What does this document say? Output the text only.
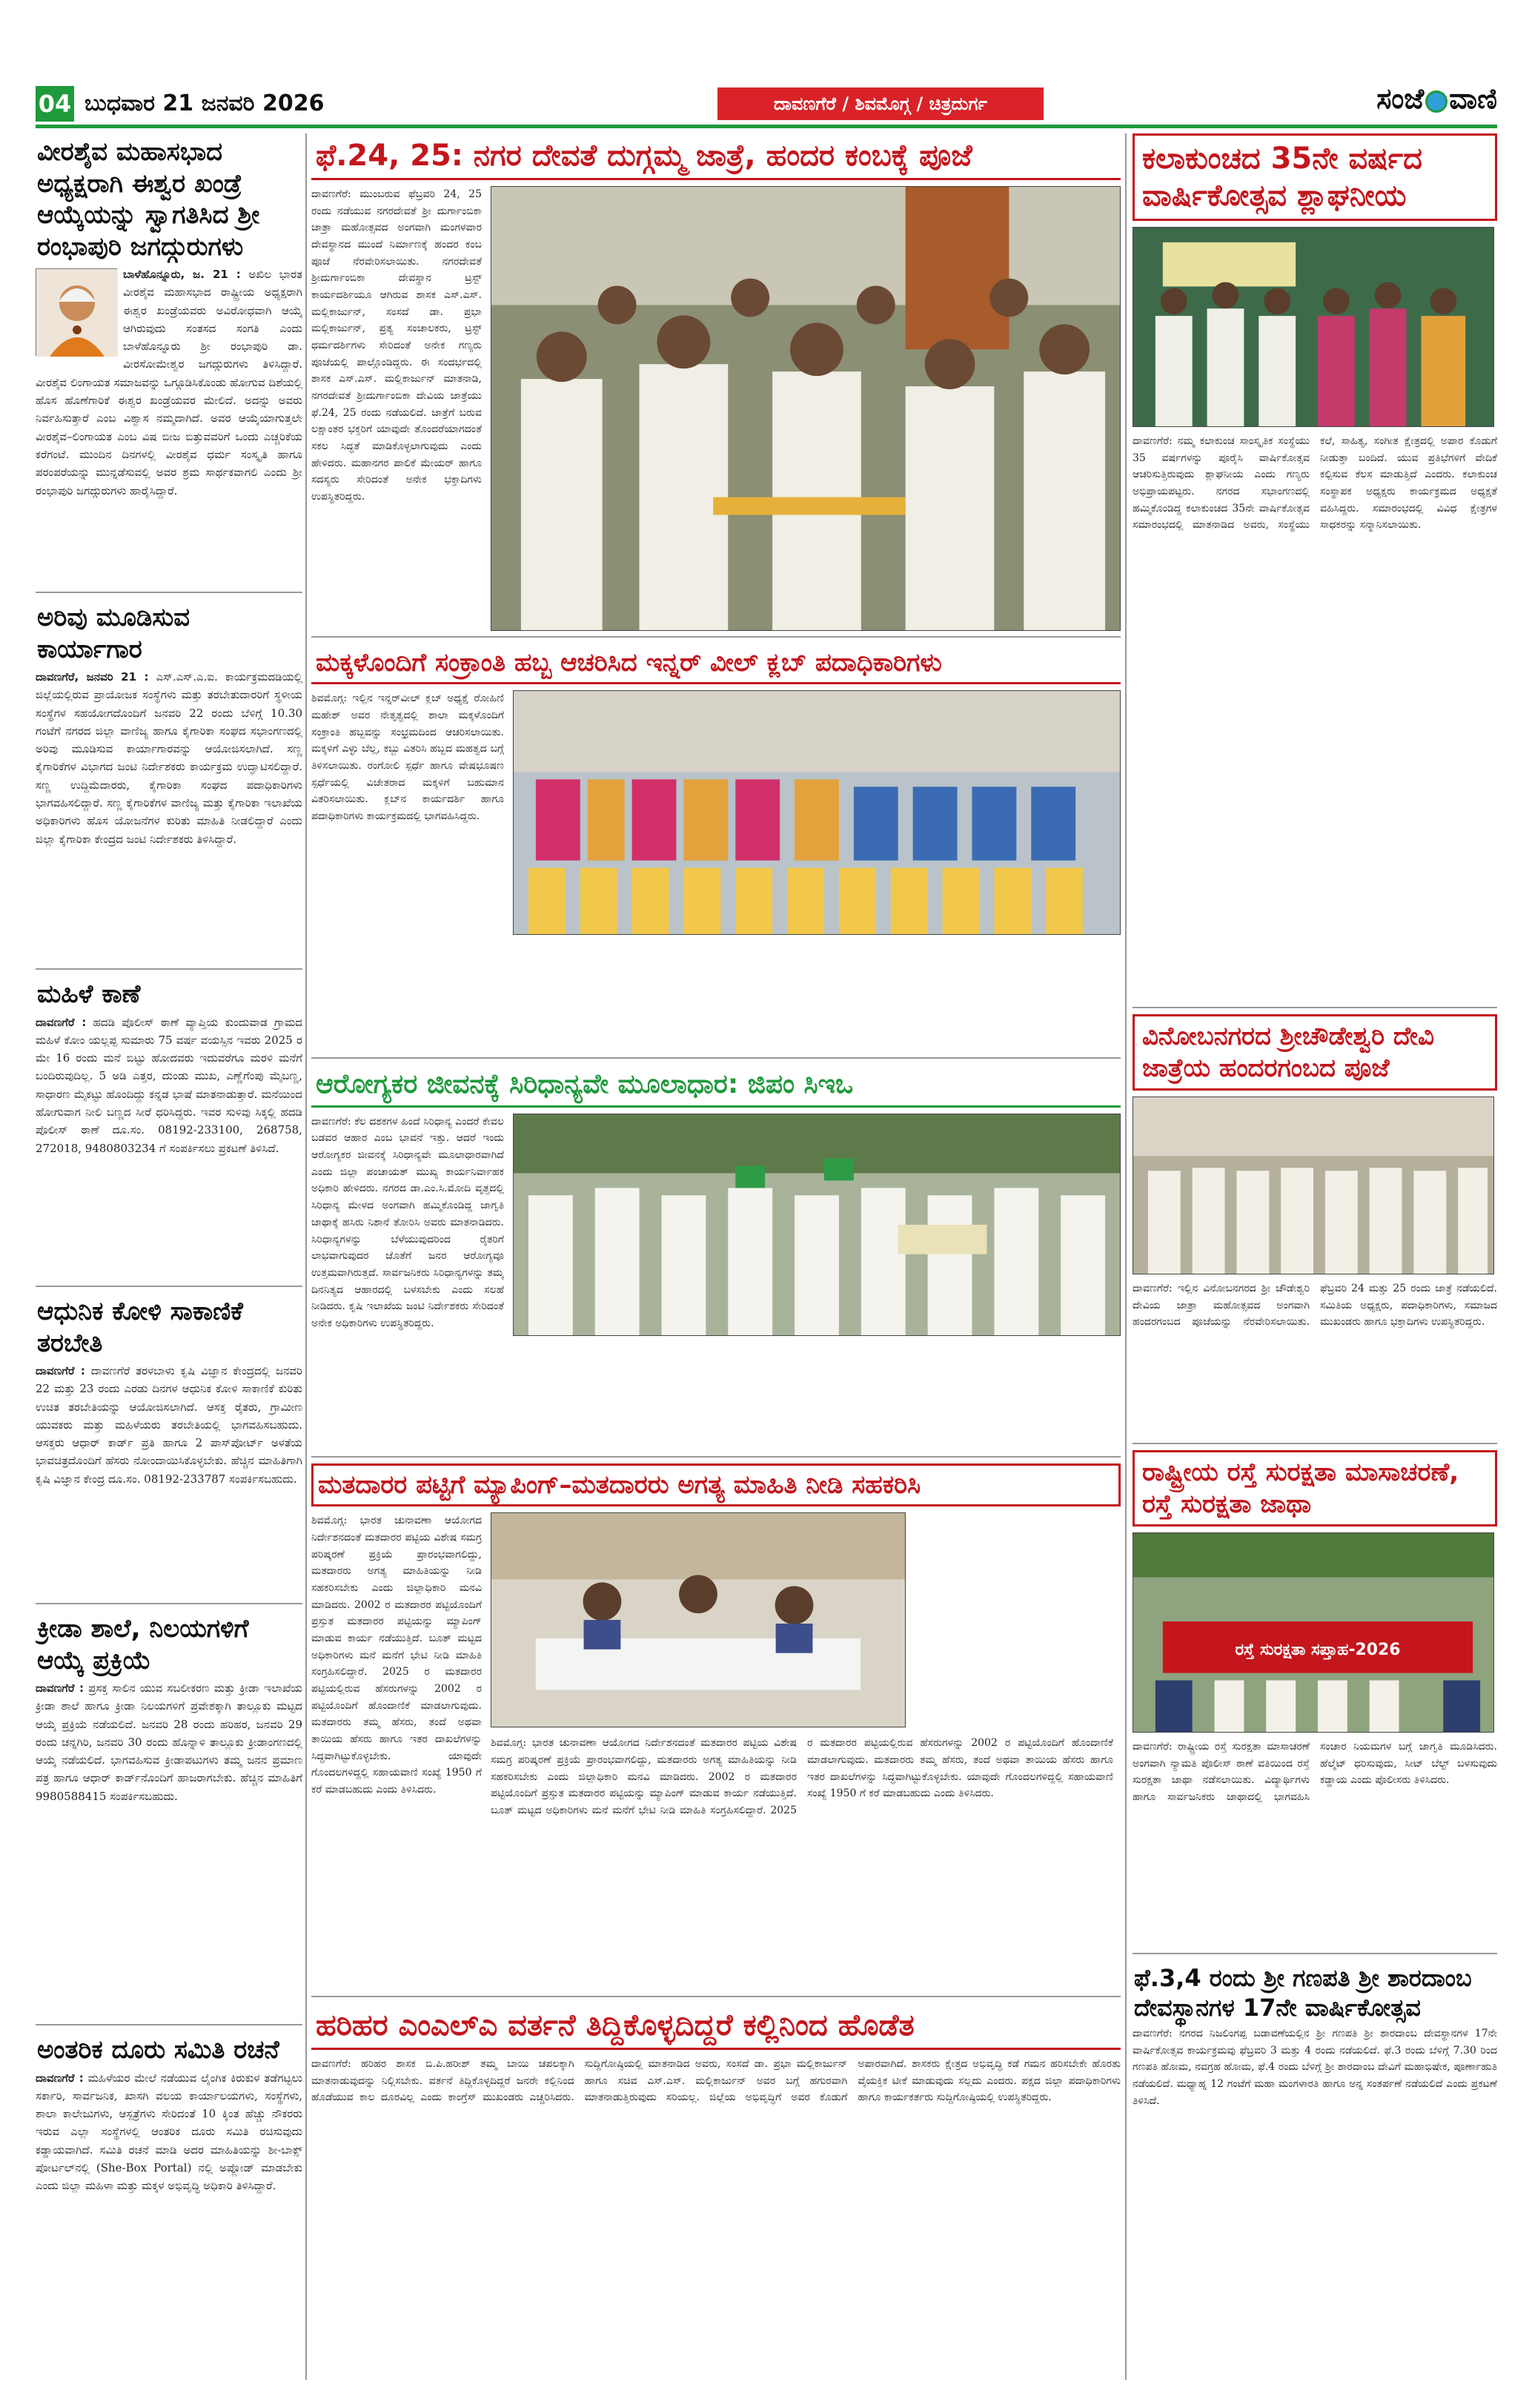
04 ಬುಧವಾರ 21 ಜನವರಿ 2026	ದಾವಣಗೆರೆ / ಶಿವಮೊಗ್ಗ / ಚಿತ್ರದುರ್ಗ	ಸಂಜೆ ವಾಣಿ
ವೀರಶೈವ ಮಹಾಸಭಾದ ಅಧ್ಯಕ್ಷರಾಗಿ ಈಶ್ವರ ಖಂಡ್ರೆ ಆಯ್ಕೆಯನ್ನು ಸ್ವಾಗತಿಸಿದ ಶ್ರೀ ರಂಭಾಪುರಿ ಜಗದ್ಗುರುಗಳು
ಬಾಳೆಹೊನ್ನೂರು, ಜ. 21 : ಅಖಿಲ ಭಾರತ ವೀರಶೈವ ಮಹಾಸಭಾದ ರಾಷ್ಟ್ರೀಯ ಅಧ್ಯಕ್ಷರಾಗಿ ಈಶ್ವರ ಖಂಡ್ರೆಯವರು ಅವಿರೋಧವಾಗಿ ಆಯ್ಕೆ ಆಗಿರುವುದು ಸಂತಸದ ಸಂಗತಿ ಎಂದು ಬಾಳೆಹೊನ್ನೂರು ಶ್ರೀ ರಂಭಾಪುರಿ ಡಾ. ವೀರಸೋಮೇಶ್ವರ ಜಗದ್ಗುರುಗಳು ತಿಳಿಸಿದ್ದಾರೆ. ವೀರಶೈವ ಲಿಂಗಾಯತ ಸಮಾಜವನ್ನು ಒಗ್ಗೂಡಿಸಿಕೊಂಡು ಹೋಗುವ ದಿಶೆಯಲ್ಲಿ ಹೊಸ ಹೊಣೆಗಾರಿಕೆ ಈಶ್ವರ ಖಂಡ್ರೆಯವರ ಮೇಲಿದೆ. ಅದನ್ನು ಅವರು ನಿರ್ವಹಿಸುತ್ತಾರೆ ಎಂಬ ವಿಶ್ವಾಸ ನಮ್ಮದಾಗಿದೆ. ಅವರ ಆಯ್ಕೆಯಾಗುತ್ತಲೇ ವೀರಶೈವ–ಲಿಂಗಾಯತ ಎಂಬ ವಿಷ ಬೀಜ ಬಿತ್ತುವವರಿಗೆ ಒಂದು ಎಚ್ಚರಿಕೆಯ ಕರೆಗಂಟೆ. ಮುಂದಿನ ದಿನಗಳಲ್ಲಿ ವೀರಶೈವ ಧರ್ಮ ಸಂಸ್ಕೃತಿ ಹಾಗೂ ಪರಂಪರೆಯನ್ನು ಮುನ್ನಡೆಸುವಲ್ಲಿ ಅವರ ಶ್ರಮ ಸಾರ್ಥಕವಾಗಲಿ ಎಂದು ಶ್ರೀ ರಂಭಾಪುರಿ ಜಗದ್ಗುರುಗಳು ಹಾರೈಸಿದ್ದಾರೆ.
ಅರಿವು ಮೂಡಿಸುವ ಕಾರ್ಯಾಗಾರ
ದಾವಣಗೆರೆ, ಜನವರಿ 21 : ಎಸ್.ಎಸ್.ಎ.ಐ. ಕಾರ್ಯಕ್ರಮದಡಿಯಲ್ಲಿ ಜಿಲ್ಲೆಯಲ್ಲಿರುವ ಪ್ರಾಯೋಜಕ ಸಂಸ್ಥೆಗಳು ಮತ್ತು ತರಬೇತುದಾರರಿಗೆ ಸ್ಥಳೀಯ ಸಂಸ್ಥೆಗಳ ಸಹಯೋಗದೊಂದಿಗೆ ಜನವರಿ 22 ರಂದು ಬೆಳಿಗ್ಗೆ 10.30 ಗಂಟೆಗೆ ನಗರದ ಜಿಲ್ಲಾ ವಾಣಿಜ್ಯ ಹಾಗೂ ಕೈಗಾರಿಕಾ ಸಂಘದ ಸಭಾಂಗಣದಲ್ಲಿ ಅರಿವು ಮೂಡಿಸುವ ಕಾರ್ಯಾಗಾರವನ್ನು ಆಯೋಜಿಸಲಾಗಿದೆ. ಸಣ್ಣ ಕೈಗಾರಿಕೆಗಳ ವಿಭಾಗದ ಜಂಟಿ ನಿರ್ದೇಶಕರು ಕಾರ್ಯಕ್ರಮ ಉದ್ಘಾಟಿಸಲಿದ್ದಾರೆ. ಸಣ್ಣ ಉದ್ದಿಮೆದಾರರು, ಕೈಗಾರಿಕಾ ಸಂಘದ ಪದಾಧಿಕಾರಿಗಳು ಭಾಗವಹಿಸಲಿದ್ದಾರೆ. ಸಣ್ಣ ಕೈಗಾರಿಕೆಗಳ ವಾಣಿಜ್ಯ ಮತ್ತು ಕೈಗಾರಿಕಾ ಇಲಾಖೆಯ ಅಧಿಕಾರಿಗಳು ಹೊಸ ಯೋಜನೆಗಳ ಕುರಿತು ಮಾಹಿತಿ ನೀಡಲಿದ್ದಾರೆ ಎಂದು ಜಿಲ್ಲಾ ಕೈಗಾರಿಕಾ ಕೇಂದ್ರದ ಜಂಟಿ ನಿರ್ದೇಶಕರು ತಿಳಿಸಿದ್ದಾರೆ.
ಮಹಿಳೆ ಕಾಣೆ
ದಾವಣಗೆರೆ : ಹದಡಿ ಪೊಲೀಸ್ ಠಾಣೆ ವ್ಯಾಪ್ತಿಯ ಕುಂದುವಾಡ ಗ್ರಾಮದ ಮಹಿಳೆ ಕೋಂ ಯಲ್ಲಪ್ಪ ಸುಮಾರು 75 ವರ್ಷ ವಯಸ್ಸಿನ ಇವರು 2025 ರ ಮೇ 16 ರಂದು ಮನೆ ಬಿಟ್ಟು ಹೋದವರು ಇದುವರೆಗೂ ಮರಳಿ ಮನೆಗೆ ಬಂದಿರುವುದಿಲ್ಲ. 5 ಅಡಿ ಎತ್ತರ, ದುಂಡು ಮುಖ, ಎಣ್ಣೆಗೆಂಪು ಮೈಬಣ್ಣ, ಸಾಧಾರಣ ಮೈಕಟ್ಟು ಹೊಂದಿದ್ದು ಕನ್ನಡ ಭಾಷೆ ಮಾತನಾಡುತ್ತಾರೆ. ಮನೆಯಿಂದ ಹೋಗುವಾಗ ನೀಲಿ ಬಣ್ಣದ ಸೀರೆ ಧರಿಸಿದ್ದರು. ಇವರ ಸುಳಿವು ಸಿಕ್ಕಲ್ಲಿ ಹದಡಿ ಪೊಲೀಸ್ ಠಾಣೆ ದೂ.ಸಂ. 08192-233100, 268758, 272018, 9480803234 ಗೆ ಸಂಪರ್ಕಿಸಲು ಪ್ರಕಟಣೆ ತಿಳಿಸಿದೆ.
ಆಧುನಿಕ ಕೋಳಿ ಸಾಕಾಣಿಕೆ ತರಬೇತಿ
ದಾವಣಗೆರೆ : ದಾವಣಗೆರೆ ತರಳಬಾಳು ಕೃಷಿ ವಿಜ್ಞಾನ ಕೇಂದ್ರದಲ್ಲಿ ಜನವರಿ 22 ಮತ್ತು 23 ರಂದು ಎರಡು ದಿನಗಳ ಆಧುನಿಕ ಕೋಳಿ ಸಾಕಾಣಿಕೆ ಕುರಿತು ಉಚಿತ ತರಬೇತಿಯನ್ನು ಆಯೋಜಿಸಲಾಗಿದೆ. ಆಸಕ್ತ ರೈತರು, ಗ್ರಾಮೀಣ ಯುವಕರು ಮತ್ತು ಮಹಿಳೆಯರು ತರಬೇತಿಯಲ್ಲಿ ಭಾಗವಹಿಸಬಹುದು. ಆಸಕ್ತರು ಆಧಾರ್ ಕಾರ್ಡ್ ಪ್ರತಿ ಹಾಗೂ 2 ಪಾಸ್‌ಪೋರ್ಟ್ ಅಳತೆಯ ಭಾವಚಿತ್ರದೊಂದಿಗೆ ಹೆಸರು ನೋಂದಾಯಿಸಿಕೊಳ್ಳಬೇಕು. ಹೆಚ್ಚಿನ ಮಾಹಿತಿಗಾಗಿ ಕೃಷಿ ವಿಜ್ಞಾನ ಕೇಂದ್ರ ದೂ.ಸಂ. 08192-233787 ಸಂಪರ್ಕಿಸಬಹುದು.
ಕ್ರೀಡಾ ಶಾಲೆ, ನಿಲಯಗಳಿಗೆ ಆಯ್ಕೆ ಪ್ರಕ್ರಿಯೆ
ದಾವಣಗೆರೆ : ಪ್ರಸಕ್ತ ಸಾಲಿನ ಯುವ ಸಬಲೀಕರಣ ಮತ್ತು ಕ್ರೀಡಾ ಇಲಾಖೆಯ ಕ್ರೀಡಾ ಶಾಲೆ ಹಾಗೂ ಕ್ರೀಡಾ ನಿಲಯಗಳಿಗೆ ಪ್ರವೇಶಕ್ಕಾಗಿ ತಾಲ್ಲೂಕು ಮಟ್ಟದ ಆಯ್ಕೆ ಪ್ರಕ್ರಿಯೆ ನಡೆಯಲಿದೆ. ಜನವರಿ 28 ರಂದು ಹರಿಹರ, ಜನವರಿ 29 ರಂದು ಚನ್ನಗಿರಿ, ಜನವರಿ 30 ರಂದು ಹೊನ್ನಾಳಿ ತಾಲ್ಲೂಕು ಕ್ರೀಡಾಂಗಣದಲ್ಲಿ ಆಯ್ಕೆ ನಡೆಯಲಿದೆ. ಭಾಗವಹಿಸುವ ಕ್ರೀಡಾಪಟುಗಳು ತಮ್ಮ ಜನನ ಪ್ರಮಾಣ ಪತ್ರ ಹಾಗೂ ಆಧಾರ್ ಕಾರ್ಡ್‌ನೊಂದಿಗೆ ಹಾಜರಾಗಬೇಕು. ಹೆಚ್ಚಿನ ಮಾಹಿತಿಗೆ 9980588415 ಸಂಪರ್ಕಿಸಬಹುದು.
ಅಂತರಿಕ ದೂರು ಸಮಿತಿ ರಚನೆ
ದಾವಣಗೆರೆ : ಮಹಿಳೆಯರ ಮೇಲೆ ನಡೆಯುವ ಲೈಂಗಿಕ ಕಿರುಕುಳ ತಡೆಗಟ್ಟಲು ಸರ್ಕಾರಿ, ಸಾರ್ವಜನಿಕ, ಖಾಸಗಿ ವಲಯ ಕಾರ್ಯಾಲಯಗಳು, ಸಂಸ್ಥೆಗಳು, ಶಾಲಾ ಕಾಲೇಜುಗಳು, ಆಸ್ಪತ್ರೆಗಳು ಸೇರಿದಂತೆ 10 ಕ್ಕಿಂತ ಹೆಚ್ಚು ನೌಕರರು ಇರುವ ಎಲ್ಲಾ ಸಂಸ್ಥೆಗಳಲ್ಲಿ ಆಂತರಿಕ ದೂರು ಸಮಿತಿ ರಚಿಸುವುದು ಕಡ್ಡಾಯವಾಗಿದೆ. ಸಮಿತಿ ರಚನೆ ಮಾಡಿ ಅದರ ಮಾಹಿತಿಯನ್ನು ಶೀ-ಬಾಕ್ಸ್ ಪೋರ್ಟಲ್‌ನಲ್ಲಿ (She-Box Portal) ನಲ್ಲಿ ಅಪ್ಲೋಡ್ ಮಾಡಬೇಕು ಎಂದು ಜಿಲ್ಲಾ ಮಹಿಳಾ ಮತ್ತು ಮಕ್ಕಳ ಅಭಿವೃದ್ಧಿ ಅಧಿಕಾರಿ ತಿಳಿಸಿದ್ದಾರೆ.
ಫೆ.24, 25: ನಗರ ದೇವತೆ ದುಗ್ಗಮ್ಮ ಜಾತ್ರೆ, ಹಂದರ ಕಂಬಕ್ಕೆ ಪೂಜೆ
ದಾವಣಗೆರೆ: ಮುಂಬರುವ ಫೆಬ್ರವರಿ 24, 25 ರಂದು ನಡೆಯುವ ನಗರದೇವತೆ ಶ್ರೀ ದುರ್ಗಾಂಬಿಕಾ ಜಾತ್ರಾ ಮಹೋತ್ಸವದ ಅಂಗವಾಗಿ ಮಂಗಳವಾರ ದೇವಸ್ಥಾನದ ಮುಂದೆ ನಿರ್ಮಾಣಕ್ಕೆ ಹಂದರ ಕಂಬ ಪೂಜೆ ನೆರವೇರಿಸಲಾಯಿತು. ನಗರದೇವತೆ ಶ್ರೀದುರ್ಗಾಂಬಿಕಾ ದೇವಸ್ಥಾನ ಟ್ರಸ್ಟ್ ಕಾರ್ಯದರ್ಶಿಯೂ ಆಗಿರುವ ಶಾಸಕ ಎಸ್.ಎಸ್. ಮಲ್ಲಿಕಾರ್ಜುನ್, ಸಂಸದೆ ಡಾ. ಪ್ರಭಾ ಮಲ್ಲಿಕಾರ್ಜುನ್, ಪ್ರತ್ಯ ಸಂಚಾಲಕರು, ಟ್ರಸ್ಟ್ ಧರ್ಮದರ್ಶಿಗಳು ಸೇರಿದಂತೆ ಅನೇಕ ಗಣ್ಯರು ಪೂಜೆಯಲ್ಲಿ ಪಾಲ್ಗೊಂಡಿದ್ದರು. ಈ ಸಂದರ್ಭದಲ್ಲಿ ಶಾಸಕ ಎಸ್.ಎಸ್. ಮಲ್ಲಿಕಾರ್ಜುನ್ ಮಾತನಾಡಿ, ನಗರದೇವತೆ ಶ್ರೀದುರ್ಗಾಂಬಿಕಾ ದೇವಿಯ ಜಾತ್ರೆಯು ಫೆ.24, 25 ರಂದು ನಡೆಯಲಿದೆ. ಜಾತ್ರೆಗೆ ಬರುವ ಲಕ್ಷಾಂತರ ಭಕ್ತರಿಗೆ ಯಾವುದೇ ತೊಂದರೆಯಾಗದಂತೆ ಸಕಲ ಸಿದ್ಧತೆ ಮಾಡಿಕೊಳ್ಳಲಾಗುವುದು ಎಂದು ಹೇಳಿದರು. ಮಹಾನಗರ ಪಾಲಿಕೆ ಮೇಯರ್ ಹಾಗೂ ಸದಸ್ಯರು ಸೇರಿದಂತೆ ಅನೇಕ ಭಕ್ತಾದಿಗಳು ಉಪಸ್ಥಿತರಿದ್ದರು.
ಮಕ್ಕಳೊಂದಿಗೆ ಸಂಕ್ರಾಂತಿ ಹಬ್ಬ ಆಚರಿಸಿದ ಇನ್ನರ್ ವೀಲ್ ಕ್ಲಬ್ ಪದಾಧಿಕಾರಿಗಳು
ಶಿವಮೊಗ್ಗ: ಇಲ್ಲಿನ ಇನ್ನರ್‌ವೀಲ್ ಕ್ಲಬ್ ಅಧ್ಯಕ್ಷೆ ರೋಹಿಣಿ ಮಹೇಶ್ ಅವರ ನೇತೃತ್ವದಲ್ಲಿ ಶಾಲಾ ಮಕ್ಕಳೊಂದಿಗೆ ಸಂಕ್ರಾಂತಿ ಹಬ್ಬವನ್ನು ಸಂಭ್ರಮದಿಂದ ಆಚರಿಸಲಾಯಿತು. ಮಕ್ಕಳಿಗೆ ಎಳ್ಳು ಬೆಲ್ಲ, ಕಬ್ಬು ವಿತರಿಸಿ ಹಬ್ಬದ ಮಹತ್ವದ ಬಗ್ಗೆ ತಿಳಿಸಲಾಯಿತು. ರಂಗೋಲಿ ಸ್ಪರ್ಧೆ ಹಾಗೂ ವೇಷಭೂಷಣ ಸ್ಪರ್ಧೆಯಲ್ಲಿ ವಿಜೇತರಾದ ಮಕ್ಕಳಿಗೆ ಬಹುಮಾನ ವಿತರಿಸಲಾಯಿತು. ಕ್ಲಬ್‌ನ ಕಾರ್ಯದರ್ಶಿ ಹಾಗೂ ಪದಾಧಿಕಾರಿಗಳು ಕಾರ್ಯಕ್ರಮದಲ್ಲಿ ಭಾಗವಹಿಸಿದ್ದರು.
ಆರೋಗ್ಯಕರ ಜೀವನಕ್ಕೆ ಸಿರಿಧಾನ್ಯವೇ ಮೂಲಾಧಾರ: ಜಿಪಂ ಸಿಇಒ
ದಾವಣಗೆರೆ: ಕೆಲ ದಶಕಗಳ ಹಿಂದೆ ಸಿರಿಧಾನ್ಯ ಎಂದರೆ ಕೇವಲ ಬಡವರ ಆಹಾರ ಎಂಬ ಭಾವನೆ ಇತ್ತು. ಆದರೆ ಇಂದು ಆರೋಗ್ಯಕರ ಜೀವನಕ್ಕೆ ಸಿರಿಧಾನ್ಯವೇ ಮೂಲಾಧಾರವಾಗಿದೆ ಎಂದು ಜಿಲ್ಲಾ ಪಂಚಾಯತ್ ಮುಖ್ಯ ಕಾರ್ಯನಿರ್ವಾಹಕ ಅಧಿಕಾರಿ ಹೇಳಿದರು. ನಗರದ ಡಾ.ಎಂ.ಸಿ.ಮೋದಿ ವೃತ್ತದಲ್ಲಿ ಸಿರಿಧಾನ್ಯ ಮೇಳದ ಅಂಗವಾಗಿ ಹಮ್ಮಿಕೊಂಡಿದ್ದ ಜಾಗೃತಿ ಜಾಥಾಕ್ಕೆ ಹಸಿರು ನಿಶಾನೆ ತೋರಿಸಿ ಅವರು ಮಾತನಾಡಿದರು. ಸಿರಿಧಾನ್ಯಗಳನ್ನು ಬೆಳೆಯುವುದರಿಂದ ರೈತರಿಗೆ ಲಾಭವಾಗುವುದರ ಜೊತೆಗೆ ಜನರ ಆರೋಗ್ಯವೂ ಉತ್ತಮವಾಗಿರುತ್ತದೆ. ಸಾರ್ವಜನಿಕರು ಸಿರಿಧಾನ್ಯಗಳನ್ನು ತಮ್ಮ ದಿನನಿತ್ಯದ ಆಹಾರದಲ್ಲಿ ಬಳಸಬೇಕು ಎಂದು ಸಲಹೆ ನೀಡಿದರು. ಕೃಷಿ ಇಲಾಖೆಯ ಜಂಟಿ ನಿರ್ದೇಶಕರು ಸೇರಿದಂತೆ ಅನೇಕ ಅಧಿಕಾರಿಗಳು ಉಪಸ್ಥಿತರಿದ್ದರು.
ಮತದಾರರ ಪಟ್ಟಿಗೆ ಮ್ಯಾಪಿಂಗ್–ಮತದಾರರು ಅಗತ್ಯ ಮಾಹಿತಿ ನೀಡಿ ಸಹಕರಿಸಿ
ಶಿವಮೊಗ್ಗ: ಭಾರತ ಚುನಾವಣಾ ಆಯೋಗದ ನಿರ್ದೇಶನದಂತೆ ಮತದಾರರ ಪಟ್ಟಿಯ ವಿಶೇಷ ಸಮಗ್ರ ಪರಿಷ್ಕರಣೆ ಪ್ರಕ್ರಿಯೆ ಪ್ರಾರಂಭವಾಗಲಿದ್ದು, ಮತದಾರರು ಅಗತ್ಯ ಮಾಹಿತಿಯನ್ನು ನೀಡಿ ಸಹಕರಿಸಬೇಕು ಎಂದು ಜಿಲ್ಲಾಧಿಕಾರಿ ಮನವಿ ಮಾಡಿದರು. 2002 ರ ಮತದಾರರ ಪಟ್ಟಿಯೊಂದಿಗೆ ಪ್ರಸ್ತುತ ಮತದಾರರ ಪಟ್ಟಿಯನ್ನು ಮ್ಯಾಪಿಂಗ್ ಮಾಡುವ ಕಾರ್ಯ ನಡೆಯುತ್ತಿದೆ. ಬೂತ್ ಮಟ್ಟದ ಅಧಿಕಾರಿಗಳು ಮನೆ ಮನೆಗೆ ಭೇಟಿ ನೀಡಿ ಮಾಹಿತಿ ಸಂಗ್ರಹಿಸಲಿದ್ದಾರೆ. 2025 ರ ಮತದಾರರ ಪಟ್ಟಿಯಲ್ಲಿರುವ ಹೆಸರುಗಳನ್ನು 2002 ರ ಪಟ್ಟಿಯೊಂದಿಗೆ ಹೊಂದಾಣಿಕೆ ಮಾಡಲಾಗುವುದು. ಮತದಾರರು ತಮ್ಮ ಹೆಸರು, ತಂದೆ ಅಥವಾ ತಾಯಿಯ ಹೆಸರು ಹಾಗೂ ಇತರ ದಾಖಲೆಗಳನ್ನು ಸಿದ್ಧವಾಗಿಟ್ಟುಕೊಳ್ಳಬೇಕು. ಯಾವುದೇ ಗೊಂದಲಗಳಿದ್ದಲ್ಲಿ ಸಹಾಯವಾಣಿ ಸಂಖ್ಯೆ 1950 ಗೆ ಕರೆ ಮಾಡಬಹುದು ಎಂದು ತಿಳಿಸಿದರು.
ಶಿವಮೊಗ್ಗ: ಭಾರತ ಚುನಾವಣಾ ಆಯೋಗದ ನಿರ್ದೇಶನದಂತೆ ಮತದಾರರ ಪಟ್ಟಿಯ ವಿಶೇಷ ಸಮಗ್ರ ಪರಿಷ್ಕರಣೆ ಪ್ರಕ್ರಿಯೆ ಪ್ರಾರಂಭವಾಗಲಿದ್ದು, ಮತದಾರರು ಅಗತ್ಯ ಮಾಹಿತಿಯನ್ನು ನೀಡಿ ಸಹಕರಿಸಬೇಕು ಎಂದು ಜಿಲ್ಲಾಧಿಕಾರಿ ಮನವಿ ಮಾಡಿದರು. 2002 ರ ಮತದಾರರ ಪಟ್ಟಿಯೊಂದಿಗೆ ಪ್ರಸ್ತುತ ಮತದಾರರ ಪಟ್ಟಿಯನ್ನು ಮ್ಯಾಪಿಂಗ್ ಮಾಡುವ ಕಾರ್ಯ ನಡೆಯುತ್ತಿದೆ. ಬೂತ್ ಮಟ್ಟದ ಅಧಿಕಾರಿಗಳು ಮನೆ ಮನೆಗೆ ಭೇಟಿ ನೀಡಿ ಮಾಹಿತಿ ಸಂಗ್ರಹಿಸಲಿದ್ದಾರೆ. 2025 ರ ಮತದಾರರ ಪಟ್ಟಿಯಲ್ಲಿರುವ ಹೆಸರುಗಳನ್ನು 2002 ರ ಪಟ್ಟಿಯೊಂದಿಗೆ ಹೊಂದಾಣಿಕೆ ಮಾಡಲಾಗುವುದು. ಮತದಾರರು ತಮ್ಮ ಹೆಸರು, ತಂದೆ ಅಥವಾ ತಾಯಿಯ ಹೆಸರು ಹಾಗೂ ಇತರ ದಾಖಲೆಗಳನ್ನು ಸಿದ್ಧವಾಗಿಟ್ಟುಕೊಳ್ಳಬೇಕು. ಯಾವುದೇ ಗೊಂದಲಗಳಿದ್ದಲ್ಲಿ ಸಹಾಯವಾಣಿ ಸಂಖ್ಯೆ 1950 ಗೆ ಕರೆ ಮಾಡಬಹುದು ಎಂದು ತಿಳಿಸಿದರು.
ಹರಿಹರ ಎಂಎಲ್ಎ ವರ್ತನೆ ತಿದ್ದಿಕೊಳ್ಳದಿದ್ದರೆ ಕಲ್ಲಿನಿಂದ ಹೊಡೆತ
ದಾವಣಗೆರೆ: ಹರಿಹರ ಶಾಸಕ ಬಿ.ಪಿ.ಹರೀಶ್ ತಮ್ಮ ಬಾಯಿ ಚಪಲಕ್ಕಾಗಿ ಮಾತನಾಡುವುದನ್ನು ನಿಲ್ಲಿಸಬೇಕು. ವರ್ತನೆ ತಿದ್ದಿಕೊಳ್ಳದಿದ್ದರೆ ಜನರೇ ಕಲ್ಲಿನಿಂದ ಹೊಡೆಯುವ ಕಾಲ ದೂರವಿಲ್ಲ ಎಂದು ಕಾಂಗ್ರೆಸ್ ಮುಖಂಡರು ಎಚ್ಚರಿಸಿದರು. ಸುದ್ದಿಗೋಷ್ಠಿಯಲ್ಲಿ ಮಾತನಾಡಿದ ಅವರು, ಸಂಸದೆ ಡಾ. ಪ್ರಭಾ ಮಲ್ಲಿಕಾರ್ಜುನ್ ಹಾಗೂ ಸಚಿವ ಎಸ್.ಎಸ್. ಮಲ್ಲಿಕಾರ್ಜುನ್ ಅವರ ಬಗ್ಗೆ ಹಗುರವಾಗಿ ಮಾತನಾಡುತ್ತಿರುವುದು ಸರಿಯಲ್ಲ. ಜಿಲ್ಲೆಯ ಅಭಿವೃದ್ಧಿಗೆ ಅವರ ಕೊಡುಗೆ ಅಪಾರವಾಗಿದೆ. ಶಾಸಕರು ಕ್ಷೇತ್ರದ ಅಭಿವೃದ್ಧಿ ಕಡೆ ಗಮನ ಹರಿಸಬೇಕೇ ಹೊರತು ವೈಯಕ್ತಿಕ ಟೀಕೆ ಮಾಡುವುದು ಸಲ್ಲದು ಎಂದರು. ಪಕ್ಷದ ಜಿಲ್ಲಾ ಪದಾಧಿಕಾರಿಗಳು ಹಾಗೂ ಕಾರ್ಯಕರ್ತರು ಸುದ್ದಿಗೋಷ್ಠಿಯಲ್ಲಿ ಉಪಸ್ಥಿತರಿದ್ದರು.
ಕಲಾಕುಂಚದ 35ನೇ ವರ್ಷದ ವಾರ್ಷಿಕೋತ್ಸವ ಶ್ಲಾಘನೀಯ
ದಾವಣಗೆರೆ: ನಮ್ಮ ಕಲಾಕುಂಚ ಸಾಂಸ್ಕೃತಿಕ ಸಂಸ್ಥೆಯು 35 ವರ್ಷಗಳನ್ನು ಪೂರೈಸಿ ವಾರ್ಷಿಕೋತ್ಸವ ಆಚರಿಸುತ್ತಿರುವುದು ಶ್ಲಾಘನೀಯ ಎಂದು ಗಣ್ಯರು ಅಭಿಪ್ರಾಯಪಟ್ಟರು. ನಗರದ ಸಭಾಂಗಣದಲ್ಲಿ ಹಮ್ಮಿಕೊಂಡಿದ್ದ ಕಲಾಕುಂಚದ 35ನೇ ವಾರ್ಷಿಕೋತ್ಸವ ಸಮಾರಂಭದಲ್ಲಿ ಮಾತನಾಡಿದ ಅವರು, ಸಂಸ್ಥೆಯು ಕಲೆ, ಸಾಹಿತ್ಯ, ಸಂಗೀತ ಕ್ಷೇತ್ರದಲ್ಲಿ ಅಪಾರ ಕೊಡುಗೆ ನೀಡುತ್ತಾ ಬಂದಿದೆ. ಯುವ ಪ್ರತಿಭೆಗಳಿಗೆ ವೇದಿಕೆ ಕಲ್ಪಿಸುವ ಕೆಲಸ ಮಾಡುತ್ತಿದೆ ಎಂದರು. ಕಲಾಕುಂಚ ಸಂಸ್ಥಾಪಕ ಅಧ್ಯಕ್ಷರು ಕಾರ್ಯಕ್ರಮದ ಅಧ್ಯಕ್ಷತೆ ವಹಿಸಿದ್ದರು. ಸಮಾರಂಭದಲ್ಲಿ ವಿವಿಧ ಕ್ಷೇತ್ರಗಳ ಸಾಧಕರನ್ನು ಸನ್ಮಾನಿಸಲಾಯಿತು.
ವಿನೋಬನಗರದ ಶ್ರೀಚೌಡೇಶ್ವರಿ ದೇವಿ ಜಾತ್ರೆಯ ಹಂದರಗಂಬದ ಪೂಜೆ
ದಾವಣಗೆರೆ: ಇಲ್ಲಿನ ವಿನೋಬನಗರದ ಶ್ರೀ ಚೌಡೇಶ್ವರಿ ದೇವಿಯ ಜಾತ್ರಾ ಮಹೋತ್ಸವದ ಅಂಗವಾಗಿ ಹಂದರಗಂಬದ ಪೂಜೆಯನ್ನು ನೆರವೇರಿಸಲಾಯಿತು. ಫೆಬ್ರವರಿ 24 ಮತ್ತು 25 ರಂದು ಜಾತ್ರೆ ನಡೆಯಲಿದೆ. ಸಮಿತಿಯ ಅಧ್ಯಕ್ಷರು, ಪದಾಧಿಕಾರಿಗಳು, ಸಮಾಜದ ಮುಖಂಡರು ಹಾಗೂ ಭಕ್ತಾದಿಗಳು ಉಪಸ್ಥಿತರಿದ್ದರು.
ರಾಷ್ಟ್ರೀಯ ರಸ್ತೆ ಸುರಕ್ಷತಾ ಮಾಸಾಚರಣೆ, ರಸ್ತೆ ಸುರಕ್ಷತಾ ಜಾಥಾ
ರಸ್ತೆ ಸುರಕ್ಷತಾ ಸಪ್ತಾಹ-2026
ದಾವಣಗೆರೆ: ರಾಷ್ಟ್ರೀಯ ರಸ್ತೆ ಸುರಕ್ಷತಾ ಮಾಸಾಚರಣೆ ಅಂಗವಾಗಿ ನ್ಯಾಮತಿ ಪೊಲೀಸ್ ಠಾಣೆ ವತಿಯಿಂದ ರಸ್ತೆ ಸುರಕ್ಷತಾ ಜಾಥಾ ನಡೆಸಲಾಯಿತು. ವಿದ್ಯಾರ್ಥಿಗಳು ಹಾಗೂ ಸಾರ್ವಜನಿಕರು ಜಾಥಾದಲ್ಲಿ ಭಾಗವಹಿಸಿ ಸಂಚಾರ ನಿಯಮಗಳ ಬಗ್ಗೆ ಜಾಗೃತಿ ಮೂಡಿಸಿದರು. ಹೆಲ್ಮೆಟ್ ಧರಿಸುವುದು, ಸೀಟ್ ಬೆಲ್ಟ್ ಬಳಸುವುದು ಕಡ್ಡಾಯ ಎಂದು ಪೊಲೀಸರು ತಿಳಿಸಿದರು.
ಫೆ.3,4 ರಂದು ಶ್ರೀ ಗಣಪತಿ ಶ್ರೀ ಶಾರದಾಂಬ ದೇವಸ್ಥಾನಗಳ 17ನೇ ವಾರ್ಷಿಕೋತ್ಸವ
ದಾವಣಗೆರೆ: ನಗರದ ನಿಜಲಿಂಗಪ್ಪ ಬಡಾವಣೆಯಲ್ಲಿನ ಶ್ರೀ ಗಣಪತಿ ಶ್ರೀ ಶಾರದಾಂಬ ದೇವಸ್ಥಾನಗಳ 17ನೇ ವಾರ್ಷಿಕೋತ್ಸವ ಕಾರ್ಯಕ್ರಮವು ಫೆಬ್ರವರಿ 3 ಮತ್ತು 4 ರಂದು ನಡೆಯಲಿದೆ. ಫೆ.3 ರಂದು ಬೆಳಿಗ್ಗೆ 7.30 ರಿಂದ ಗಣಪತಿ ಹೋಮ, ನವಗ್ರಹ ಹೋಮ, ಫೆ.4 ರಂದು ಬೆಳಿಗ್ಗೆ ಶ್ರೀ ಶಾರದಾಂಬ ದೇವಿಗೆ ಮಹಾಭಿಷೇಕ, ಪೂರ್ಣಾಹುತಿ ನಡೆಯಲಿದೆ. ಮಧ್ಯಾಹ್ನ 12 ಗಂಟೆಗೆ ಮಹಾ ಮಂಗಳಾರತಿ ಹಾಗೂ ಅನ್ನ ಸಂತರ್ಪಣೆ ನಡೆಯಲಿದೆ ಎಂದು ಪ್ರಕಟಣೆ ತಿಳಿಸಿದೆ.
